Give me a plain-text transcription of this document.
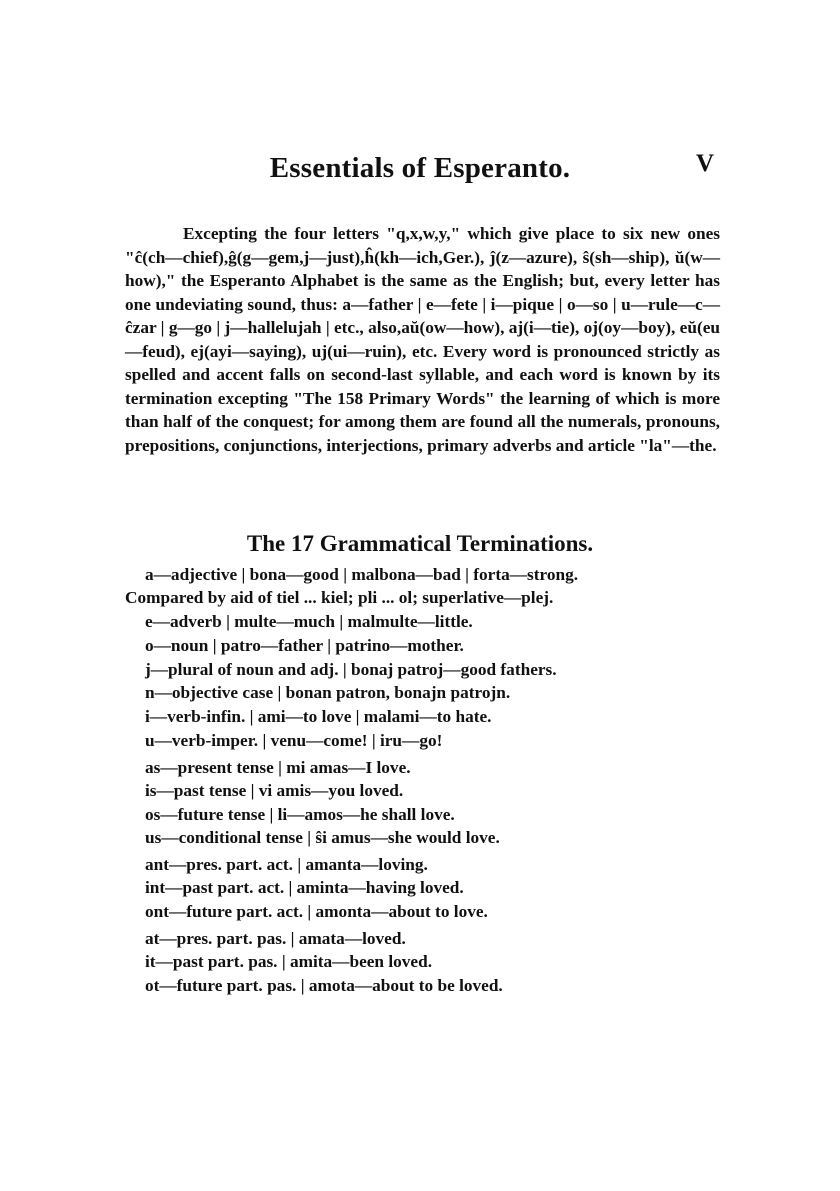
Essentials of Esperanto.	V

Excepting the four letters "q,x,w,y," which give place to six new ones "ĉ(ch—chief),ĝ(g—gem,j—just),ĥ(kh—ich,Ger.), ĵ(z—azure), ŝ(sh—ship), ŭ(w—how)," the Esperanto Alphabet is the same as the English; but, every letter has one undeviating sound, thus: a—father | e—fete | i—pique | o—so | u—rule—c—ĉzar | g—go | j—hallelujah | etc., also,aŭ(ow—how), aj(i—tie), oj(oy—boy), eŭ(eu—feud), ej(ayi—saying), uj(ui—ruin), etc. Every word is pronounced strictly as spelled and accent falls on second-last syllable, and each word is known by its termination excepting "The 158 Primary Words" the learning of which is more than half of the conquest; for among them are found all the numerals, pronouns, prepositions, conjunctions, interjections, primary adverbs and article "la"—the.

The 17 Grammatical Terminations.
a—adjective | bona—good | malbona—bad | forta—strong.
Compared by aid of tiel ... kiel; pli ... ol; superlative—plej.
e—adverb | multe—much | malmulte—little.
o—noun | patro—father | patrino—mother.
j—plural of noun and adj. | bonaj patroj—good fathers.
n—objective case | bonan patron, bonajn patrojn.
i—verb-infin. | ami—to love | malami—to hate.
u—verb-imper. | venu—come! | iru—go!
as—present tense | mi amas—I love.
is—past tense | vi amis—you loved.
os—future tense | li—amos—he shall love.
us—conditional tense | ŝi amus—she would love.
ant—pres. part. act. | amanta—loving.
int—past part. act. | aminta—having loved.
ont—future part. act. | amonta—about to love.
at—pres. part. pas. | amata—loved.
it—past part. pas. | amita—been loved.
ot—future part. pas. | amota—about to be loved.
